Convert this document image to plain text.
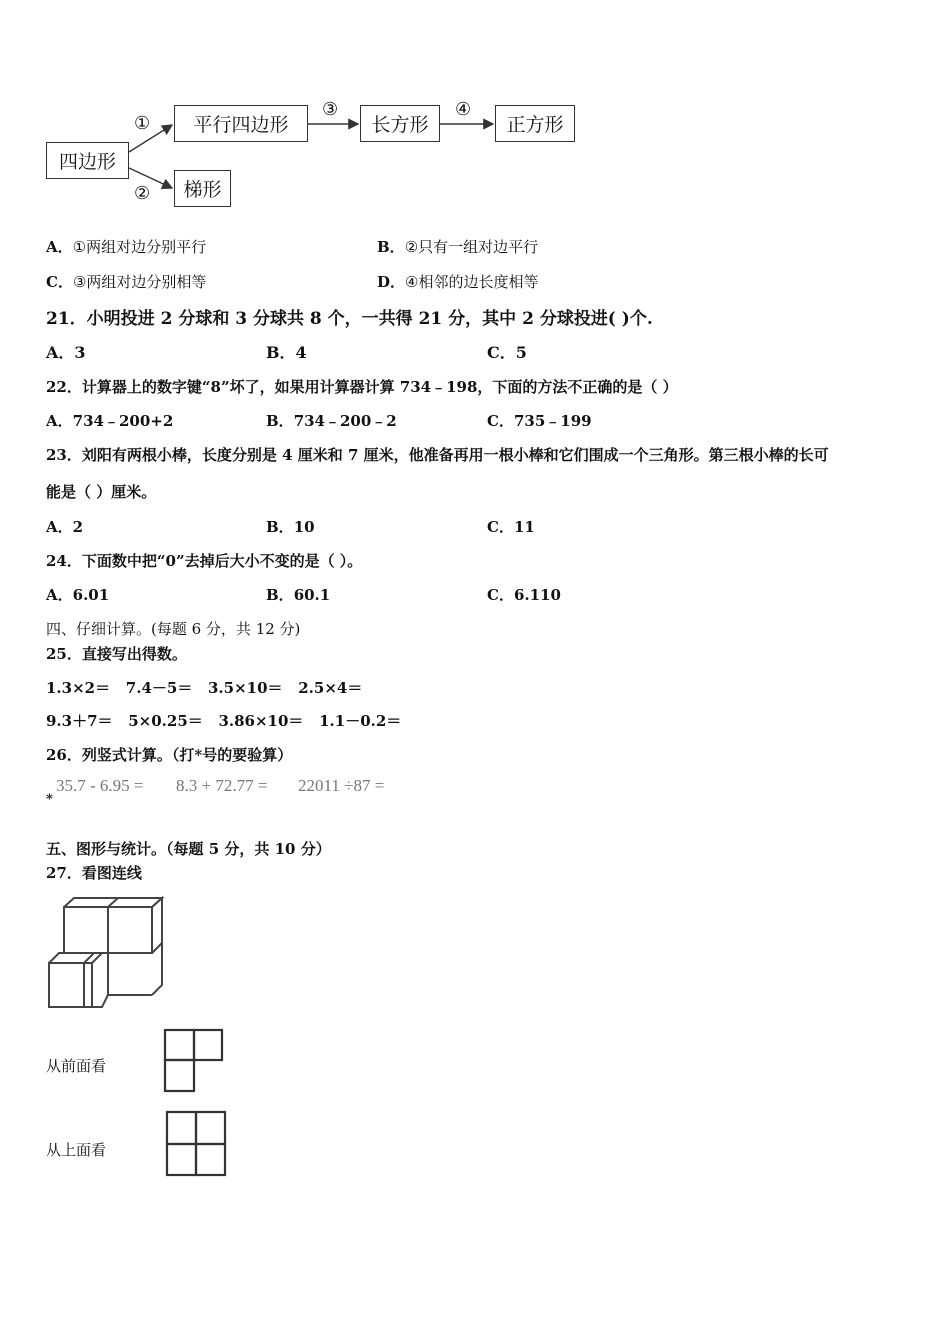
四边形
平行四边形	长方形	正方形
梯形
①
②
③	④
A．①两组对边分别平行	B．②只有一组对边平行
C．③两组对边分别相等	D．④相邻的边长度相等
21．小明投进 2 分球和 3 分球共 8 个，一共得 21 分，其中 2 分球投进( )个.
A．3	B．4	C．5
22．计算器上的数字键“8”坏了，如果用计算器计算 734﹣198，下面的方法不正确的是（ ）
A．734﹣200+2	B．734﹣200﹣2	C．735﹣199
23．刘阳有两根小棒，长度分别是 4 厘米和 7 厘米，他准备再用一根小棒和它们围成一个三角形。第三根小棒的长可
能是（ ）厘米。
A．2	B．10	C．11
24．下面数中把“0”去掉后大小不变的是（ ）。
A．6.01	B．60.1	C．6.110
四、仔细计算。(每题 6 分，共 12 分)
25．直接写出得数。
1.3×2＝ 7.4－5＝ 3.5×10＝ 2.5×4＝
9.3＋7＝ 5×0.25＝ 3.86×10＝ 1.1－0.2＝
26．列竖式计算。（打*号的要验算）
*
35.7 - 6.95 = 8.3 + 72.77 = 22011 ÷87 =
五、图形与统计。（每题 5 分，共 10 分）
27．看图连线
从前面看
从上面看
